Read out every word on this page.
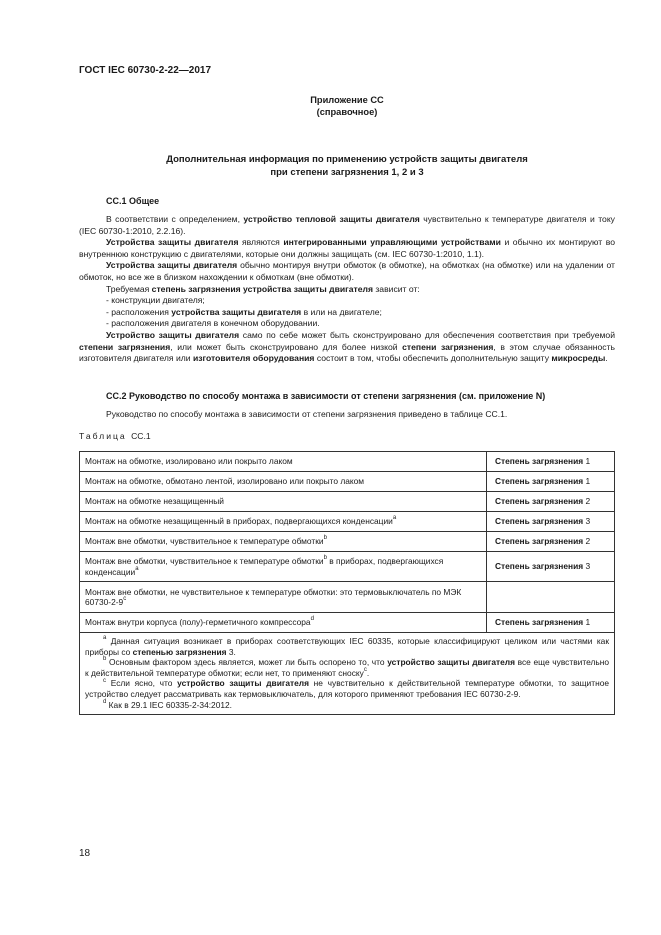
ГОСТ IEC 60730-2-22—2017
Приложение CC
(справочное)
Дополнительная информация по применению устройств защиты двигателя
при степени загрязнения 1, 2 и 3
CC.1 Общее

В соответствии с определением, устройство тепловой защиты двигателя чувствительно к температуре двигателя и току (IEC 60730-1:2010, 2.2.16).

Устройства защиты двигателя являются интегрированными управляющими устройствами и обычно их монтируют во внутреннюю конструкцию с двигателями, которые они должны защищать (см. IEC 60730-1:2010, 1.1).

Устройства защиты двигателя обычно монтируя внутри обмоток (в обмотке), на обмотках (на обмотке) или на удалении от обмоток, но все же в близком нахождении к обмоткам (вне обмотки).

Требуемая степень загрязнения устройства защиты двигателя зависит от:

- конструкции двигателя;

- расположения устройства защиты двигателя в или на двигателе;

- расположения двигателя в конечном оборудовании.

Устройство защиты двигателя само по себе может быть сконструировано для обеспечения соответствия при требуемой степени загрязнения, или может быть сконструировано для более низкой степени загрязнения, в этом случае обязанность изготовителя двигателя или изготовителя оборудования состоит в том, чтобы обеспечить дополнительную защиту микросреды.

CC.2 Руководство по способу монтажа в зависимости от степени загрязнения (см. приложение N)

Руководство по способу монтажа в зависимости от степени загрязнения приведено в таблице CC.1.

Таблица CC.1
Монтаж на обмотке, изолировано или покрыто лаком	Степень загрязнения 1
Монтаж на обмотке, обмотано лентой, изолировано или покрыто лаком	Степень загрязнения 1
Монтаж на обмотке незащищенный	Степень загрязнения 2
Монтаж на обмотке незащищенный в приборах, подвергающихся конденсации$^a$	Степень загрязнения 3
Монтаж вне обмотки, чувствительное к температуре обмотки$^b$	Степень загрязнения 2
Монтаж вне обмотки, чувствительное к температуре обмотки$^b$ в приборах, подвергающихся конденсации$^a$	Степень загрязнения 3
Монтаж вне обмотки, не чувствительное к температуре обмотки: это термовыключатель по МЭК 60730-2-9$^c$	
Монтаж внутри корпуса (полу)-герметичного компрессора$^d$	Степень загрязнения 1

$^a$ Данная ситуация возникает в приборах соответствующих IEC 60335, которые классифицируют целиком или частями как приборы со степенью загрязнения 3.

$^b$ Основным фактором здесь является, может ли быть оспорено то, что устройство защиты двигателя все еще чувствительно к действительной температуре обмотки; если нет, то применяют сноску$^c$.

$^c$ Если ясно, что устройство защиты двигателя не чувствительно к действительной температуре обмотки, то защитное устройство следует рассматривать как термовыключатель, для которого применяют требования IEC 60730-2-9.

$^d$ Как в 29.1 IEC 60335-2-34:2012.	

18
